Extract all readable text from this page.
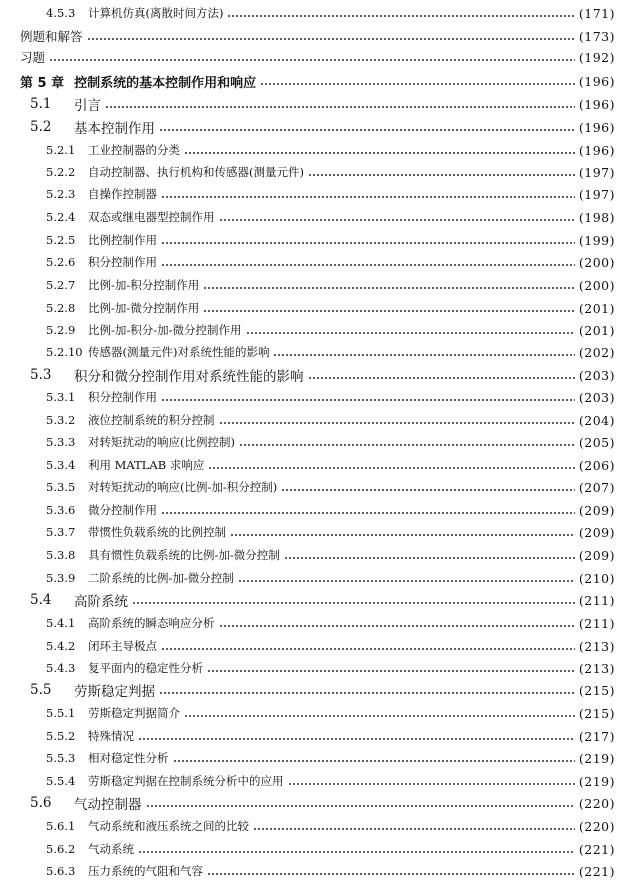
4.5.3	计算机仿真(离散时间方法)	(171)
例题和解答	(173)
习题	(192)
第 5 章 控制系统的基本控制作用和响应	(196)
5.1	引言	(196)
5.2	基本控制作用	(196)
5.2.1	工业控制器的分类	(196)
5.2.2	自动控制器、执行机构和传感器(测量元件)	(197)
5.2.3	自操作控制器	(197)
5.2.4	双态或继电器型控制作用	(198)
5.2.5	比例控制作用	(199)
5.2.6	积分控制作用	(200)
5.2.7	比例-加-积分控制作用	(200)
5.2.8	比例-加-微分控制作用	(201)
5.2.9	比例-加-积分-加-微分控制作用	(201)
5.2.10 传感器(测量元件)对系统性能的影响	(202)
5.3	积分和微分控制作用对系统性能的影响	(203)
5.3.1	积分控制作用	(203)
5.3.2	液位控制系统的积分控制	(204)
5.3.3	对转矩扰动的响应(比例控制)	(205)
5.3.4	利用 MATLAB 求响应	(206)
5.3.5	对转矩扰动的响应(比例-加-积分控制)	(207)
5.3.6	微分控制作用	(209)
5.3.7	带惯性负载系统的比例控制	(209)
5.3.8	具有惯性负载系统的比例-加-微分控制	(209)
5.3.9	二阶系统的比例-加-微分控制	(210)
5.4	高阶系统	(211)
5.4.1	高阶系统的瞬态响应分析	(211)
5.4.2	闭环主导极点	(213)
5.4.3	复平面内的稳定性分析	(213)
5.5	劳斯稳定判据	(215)
5.5.1	劳斯稳定判据简介	(215)
5.5.2	特殊情况	(217)
5.5.3	相对稳定性分析	(219)
5.5.4	劳斯稳定判据在控制系统分析中的应用	(219)
5.6	气动控制器	(220)
5.6.1	气动系统和液压系统之间的比较	(220)
5.6.2	气动系统	(221)
5.6.3	压力系统的气阻和气容	(221)
